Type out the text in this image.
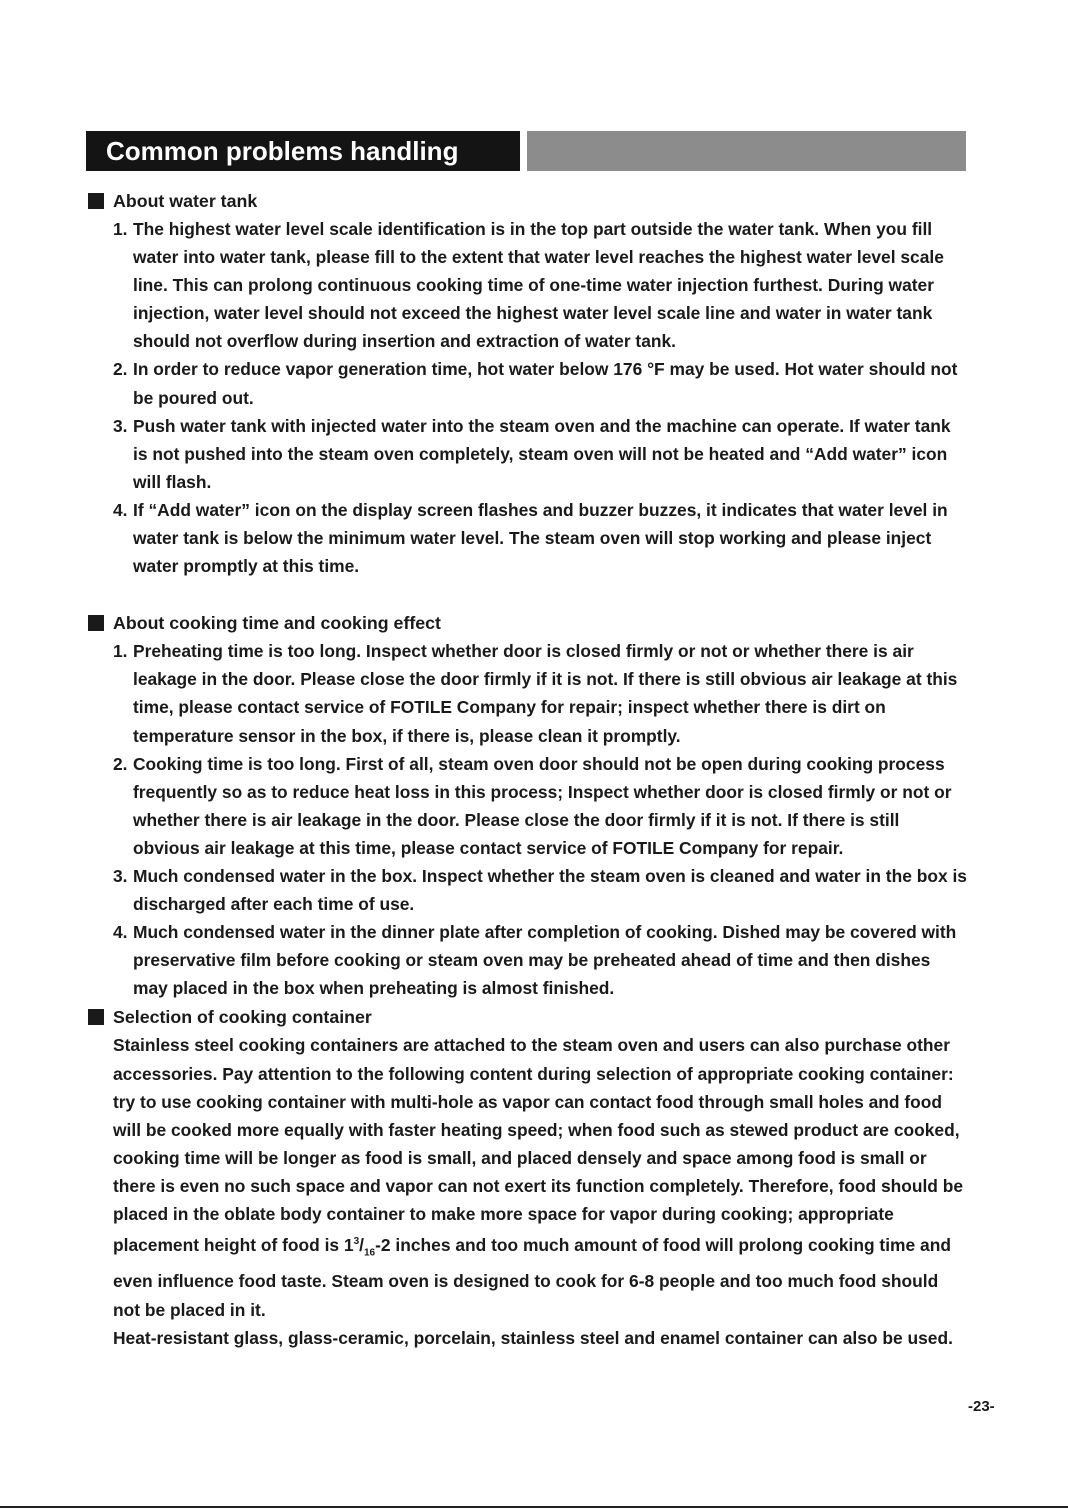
Common problems handling
About water tank
1. The highest water level scale identification is in the top part outside the water tank. When you fill water into water tank, please fill to the extent that water level reaches the highest water level scale line. This can prolong continuous cooking time of one-time water injection furthest. During water injection, water level should not exceed the highest water level scale line and water in water tank should not overflow during insertion and extraction of water tank.
2. In order to reduce vapor generation time, hot water below 176 °F may be used. Hot water should not be poured out.
3. Push water tank with injected water into the steam oven and the machine can operate. If water tank is not pushed into the steam oven completely, steam oven will not be heated and “Add water” icon will flash.
4. If “Add water” icon on the display screen flashes and buzzer buzzes, it indicates that water level in water tank is below the minimum water level. The steam oven will stop working and please inject water promptly at this time.
About cooking time and cooking effect
1. Preheating time is too long. Inspect whether door is closed firmly or not or whether there is air leakage in the door. Please close the door firmly if it is not. If there is still obvious air leakage at this time, please contact service of FOTILE Company for repair; inspect whether there is dirt on temperature sensor in the box, if there is, please clean it promptly.
2. Cooking time is too long. First of all, steam oven door should not be open during cooking process frequently so as to reduce heat loss in this process; Inspect whether door is closed firmly or not or whether there is air leakage in the door. Please close the door firmly if it is not. If there is still obvious air leakage at this time, please contact service of FOTILE Company for repair.
3. Much condensed water in the box. Inspect whether the steam oven is cleaned and water in the box is discharged after each time of use.
4. Much condensed water in the dinner plate after completion of cooking. Dished may be covered with preservative film before cooking or steam oven may be preheated ahead of time and then dishes may placed in the box when preheating is almost finished.
Selection of cooking container
Stainless steel cooking containers are attached to the steam oven and users can also purchase other accessories. Pay attention to the following content during selection of appropriate cooking container: try to use cooking container with multi-hole as vapor can contact food through small holes and food will be cooked more equally with faster heating speed; when food such as stewed product are cooked, cooking time will be longer as food is small, and placed densely and space among food is small or there is even no such space and vapor can not exert its function completely. Therefore, food should be placed in the oblate body container to make more space for vapor during cooking; appropriate placement height of food is $1^3/_{16}-2$ inches and too much amount of food will prolong cooking time and even influence food taste. Steam oven is designed to cook for 6-8 people and too much food should not be placed in it.
Heat-resistant glass, glass-ceramic, porcelain, stainless steel and enamel container can also be used.
-23-
